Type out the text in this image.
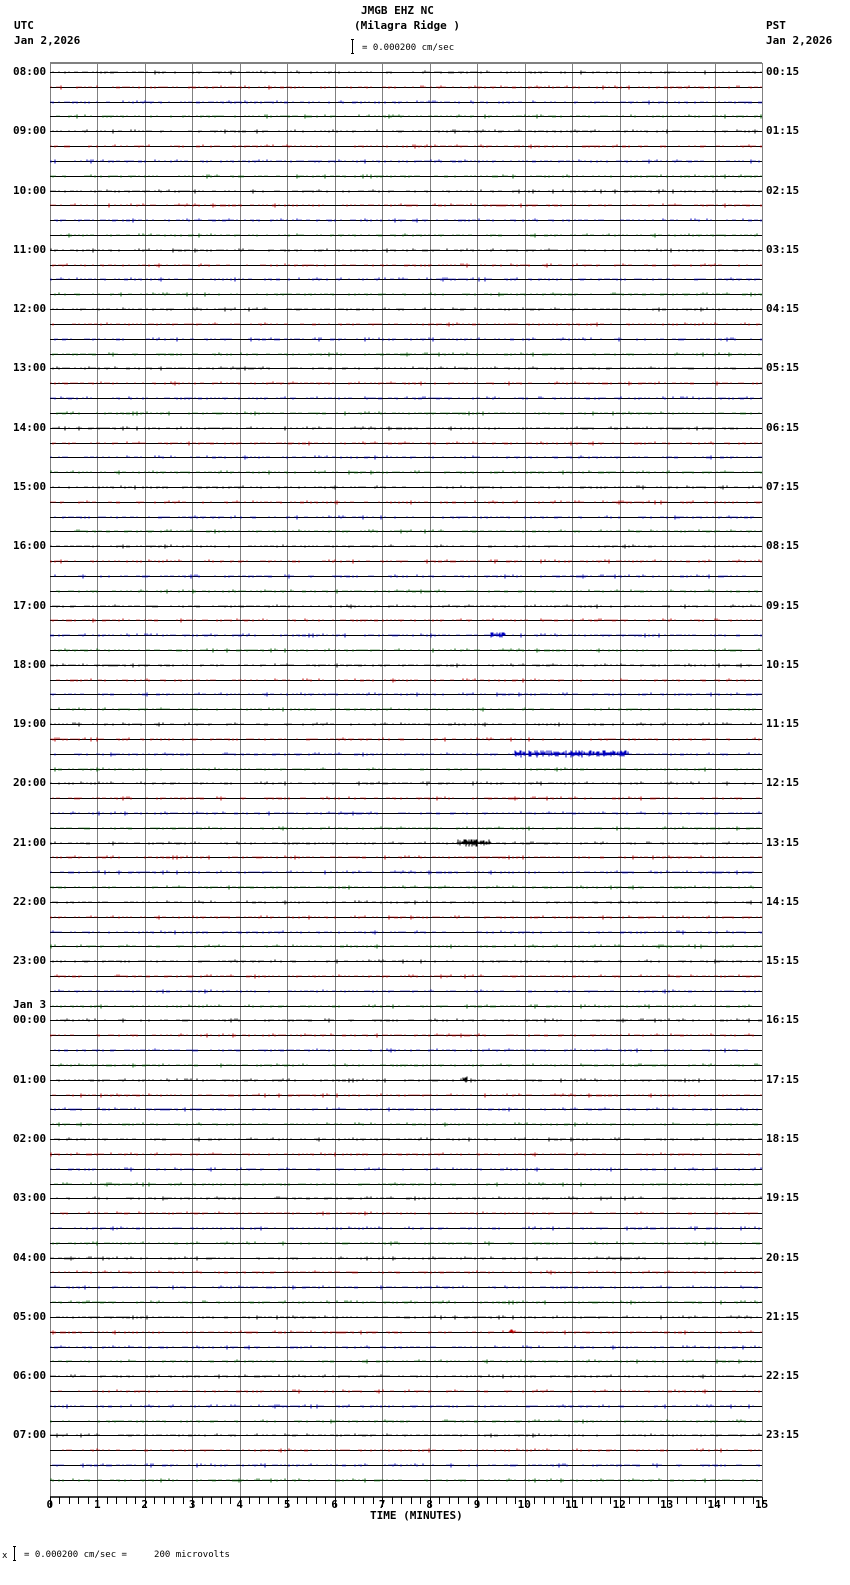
JMGB EHZ NC
(Milagra Ridge )
UTC
Jan 2,2026
PST
Jan 2,2026

= 0.000200 cm/sec
08:00
09:00
10:00
11:00
12:00
13:00
14:00
15:00
16:00
17:00
18:00
19:00
20:00
21:00
22:00
23:00
00:00
Jan 3
01:00
02:00
03:00
04:00
05:00
06:00
07:00
00:15
01:15
02:15
03:15
04:15
05:15
06:15
07:15
08:15
09:15
10:15
11:15
12:15
13:15
14:15
15:15
16:15
17:15
18:15
19:15
20:15
21:15
22:15
23:15
0	1	2	3	4	5	6	7	8	9	10	11	12	13	14	15
TIME (MINUTES)
x

= 0.000200 cm/sec =     200 microvolts
